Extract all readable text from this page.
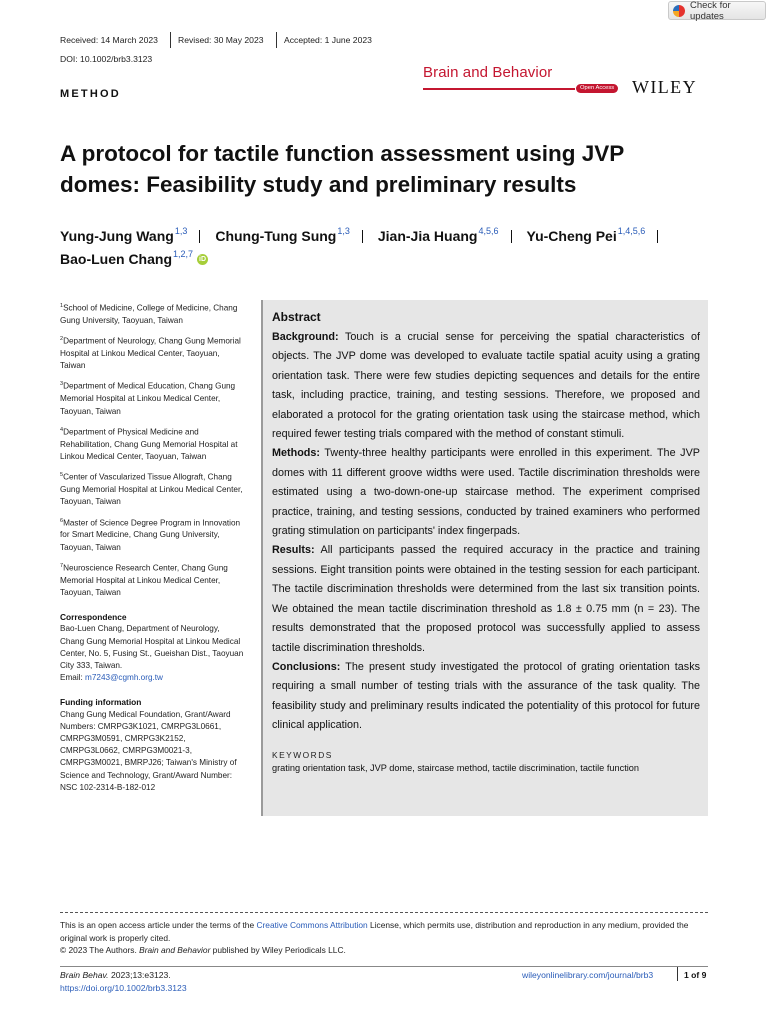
Check for updates
Received: 14 March 2023 Revised: 30 May 2023 Accepted: 1 June 2023
DOI: 10.1002/brb3.3123
Brain and Behavior
Open Access WILEY
METHOD
A protocol for tactile function assessment using JVP domes: Feasibility study and preliminary results
Yung-Jung Wang$^{1,3}$ Chung-Tung Sung$^{1,3}$ Jian-Jia Huang$^{4,5,6}$ Yu-Cheng Pei$^{1,4,5,6}$
Bao-Luen Chang$^{1,2,7}$ iD
$^1$School of Medicine, College of Medicine, Chang Gung University, Taoyuan, Taiwan
$^2$Department of Neurology, Chang Gung Memorial Hospital at Linkou Medical Center, Taoyuan, Taiwan
$^3$Department of Medical Education, Chang Gung Memorial Hospital at Linkou Medical Center, Taoyuan, Taiwan
$^4$Department of Physical Medicine and Rehabilitation, Chang Gung Memorial Hospital at Linkou Medical Center, Taoyuan, Taiwan
$^5$Center of Vascularized Tissue Allograft, Chang Gung Memorial Hospital at Linkou Medical Center, Taoyuan, Taiwan
$^6$Master of Science Degree Program in Innovation for Smart Medicine, Chang Gung University, Taoyuan, Taiwan
$^7$Neuroscience Research Center, Chang Gung Memorial Hospital at Linkou Medical Center, Taoyuan, Taiwan
Correspondence
Bao-Luen Chang, Department of Neurology, Chang Gung Memorial Hospital at Linkou Medical Center, No. 5, Fusing St., Gueishan Dist., Taoyuan City 333, Taiwan.
Email: m7243@cgmh.org.tw
Funding information
Chang Gung Medical Foundation, Grant/Award Numbers: CMRPG3K1021, CMRPG3L0661, CMRPG3M0591, CMRPG3K2152, CMRPG3L0662, CMRPG3M0021-3, CMRPG3M0021, BMRPJ26; Taiwan's Ministry of Science and Technology, Grant/Award Number: NSC 102-2314-B-182-012
Abstract

Background: Touch is a crucial sense for perceiving the spatial characteristics of objects. The JVP dome was developed to evaluate tactile spatial acuity using a grating orientation task. There were few studies depicting sequences and details for the entire task, including practice, training, and testing sessions. Therefore, we proposed and elaborated a protocol for the grating orientation task using the staircase method, which required fewer testing trials compared with the method of constant stimuli.

Methods: Twenty-three healthy participants were enrolled in this experiment. The JVP domes with 11 different groove widths were used. Tactile discrimination thresholds were estimated using a two-down-one-up staircase method. The experiment comprised practice, training, and testing sessions, conducted by trained examiners who performed grating stimulation on participants' index fingerpads.

Results: All participants passed the required accuracy in the practice and training sessions. Eight transition points were obtained in the testing session for each participant. The tactile discrimination thresholds were determined from the last six transition points. We obtained the mean tactile discrimination threshold as 1.8 ± 0.75 mm (n = 23). The results demonstrated that the proposed protocol was successfully applied to assess tactile discrimination thresholds.

Conclusions: The present study investigated the protocol of grating orientation tasks requiring a small number of testing trials with the assurance of the task quality. The feasibility study and preliminary results indicated the potentiality of this protocol for future clinical application.

KEYWORDS
grating orientation task, JVP dome, staircase method, tactile discrimination, tactile function
This is an open access article under the terms of the Creative Commons Attribution License, which permits use, distribution and reproduction in any medium, provided the original work is properly cited.
© 2023 The Authors. Brain and Behavior published by Wiley Periodicals LLC.
Brain Behav. 2023;13:e3123.
https://doi.org/10.1002/brb3.3123
wileyonlinelibrary.com/journal/brb3	1 of 9
